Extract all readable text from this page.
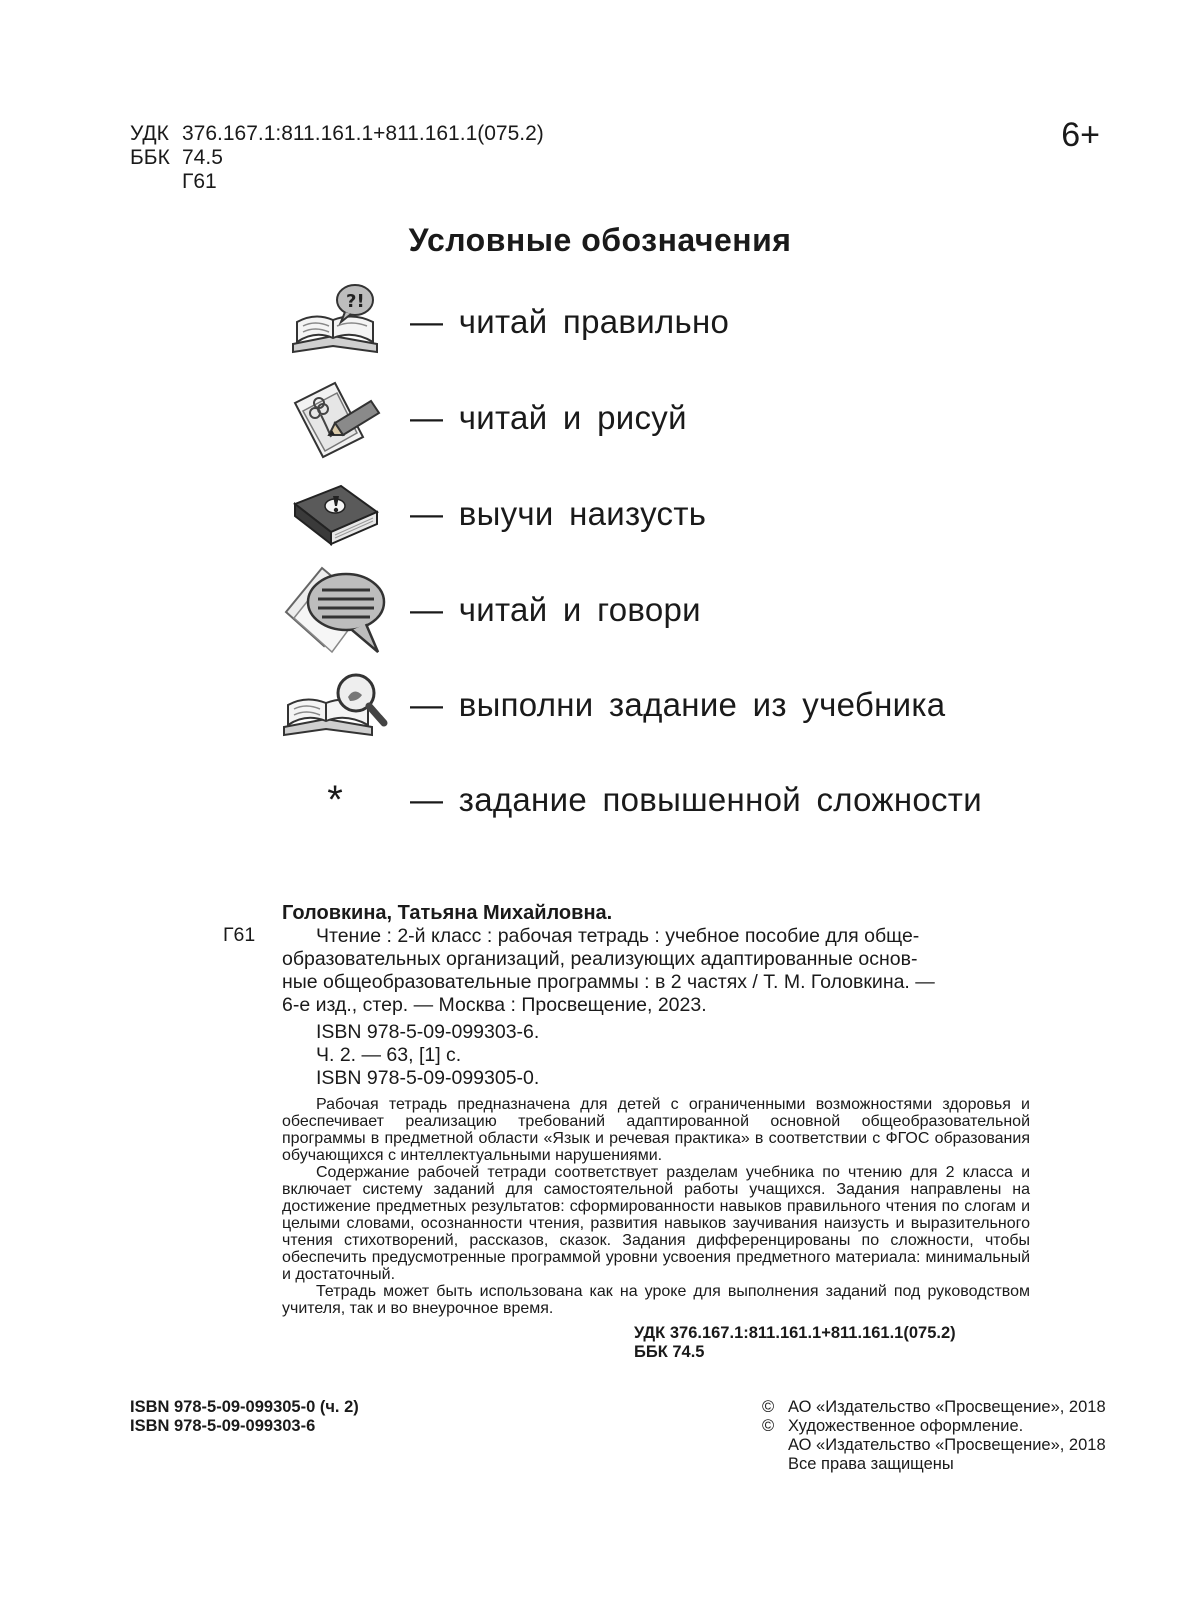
УДК 376.167.1:811.161.1+811.161.1(075.2)
ББК 74.5
Г61
6+
Условные обозначения
?!
— читай правильно
— читай и рисуй
— выучи наизусть
— читай и говори
— выполни задание из учебника
* — задание повышенной сложности
Г61

Головкина, Татьяна Михайловна.

Чтение : 2-й класс : рабочая тетрадь : учебное пособие для обще-

образовательных организаций, реализующих адаптированные основ-

ные общеобразовательные программы : в 2 частях / Т. М. Головкина. —

6-е изд., стер. — Москва : Просвещение, 2023.

ISBN 978-5-09-099303-6.

Ч. 2. — 63, [1] с.

ISBN 978-5-09-099305-0.

Рабочая тетрадь предназначена для детей с ограниченными возможностями здоровья и обеспечивает реализацию требований адаптированной основной общеобразовательной программы в предметной области «Язык и речевая практика» в соответствии с ФГОС образования обучающихся с интеллектуальными нарушениями.

Содержание рабочей тетради соответствует разделам учебника по чтению для 2 класса и включает систему заданий для самостоятельной работы учащихся. Задания направлены на достижение предметных результатов: сформированности навыков правильного чтения по слогам и целыми словами, осознанности чтения, развития навыков заучивания наизусть и выразительного чтения стихотворений, рассказов, сказок. Задания дифференцированы по сложности, чтобы обеспечить предусмотренные программой уровни усвоения предметного материала: минимальный и достаточный.

Тетрадь может быть использована как на уроке для выполнения заданий под руководством учителя, так и во внеурочное время.

УДК 376.167.1:811.161.1+811.161.1(075.2)
ББК 74.5
ISBN 978-5-09-099305-0 (ч. 2)
ISBN 978-5-09-099303-6
© АО «Издательство «Просвещение», 2018
© Художественное оформление.
АО «Издательство «Просвещение», 2018
Все права защищены
